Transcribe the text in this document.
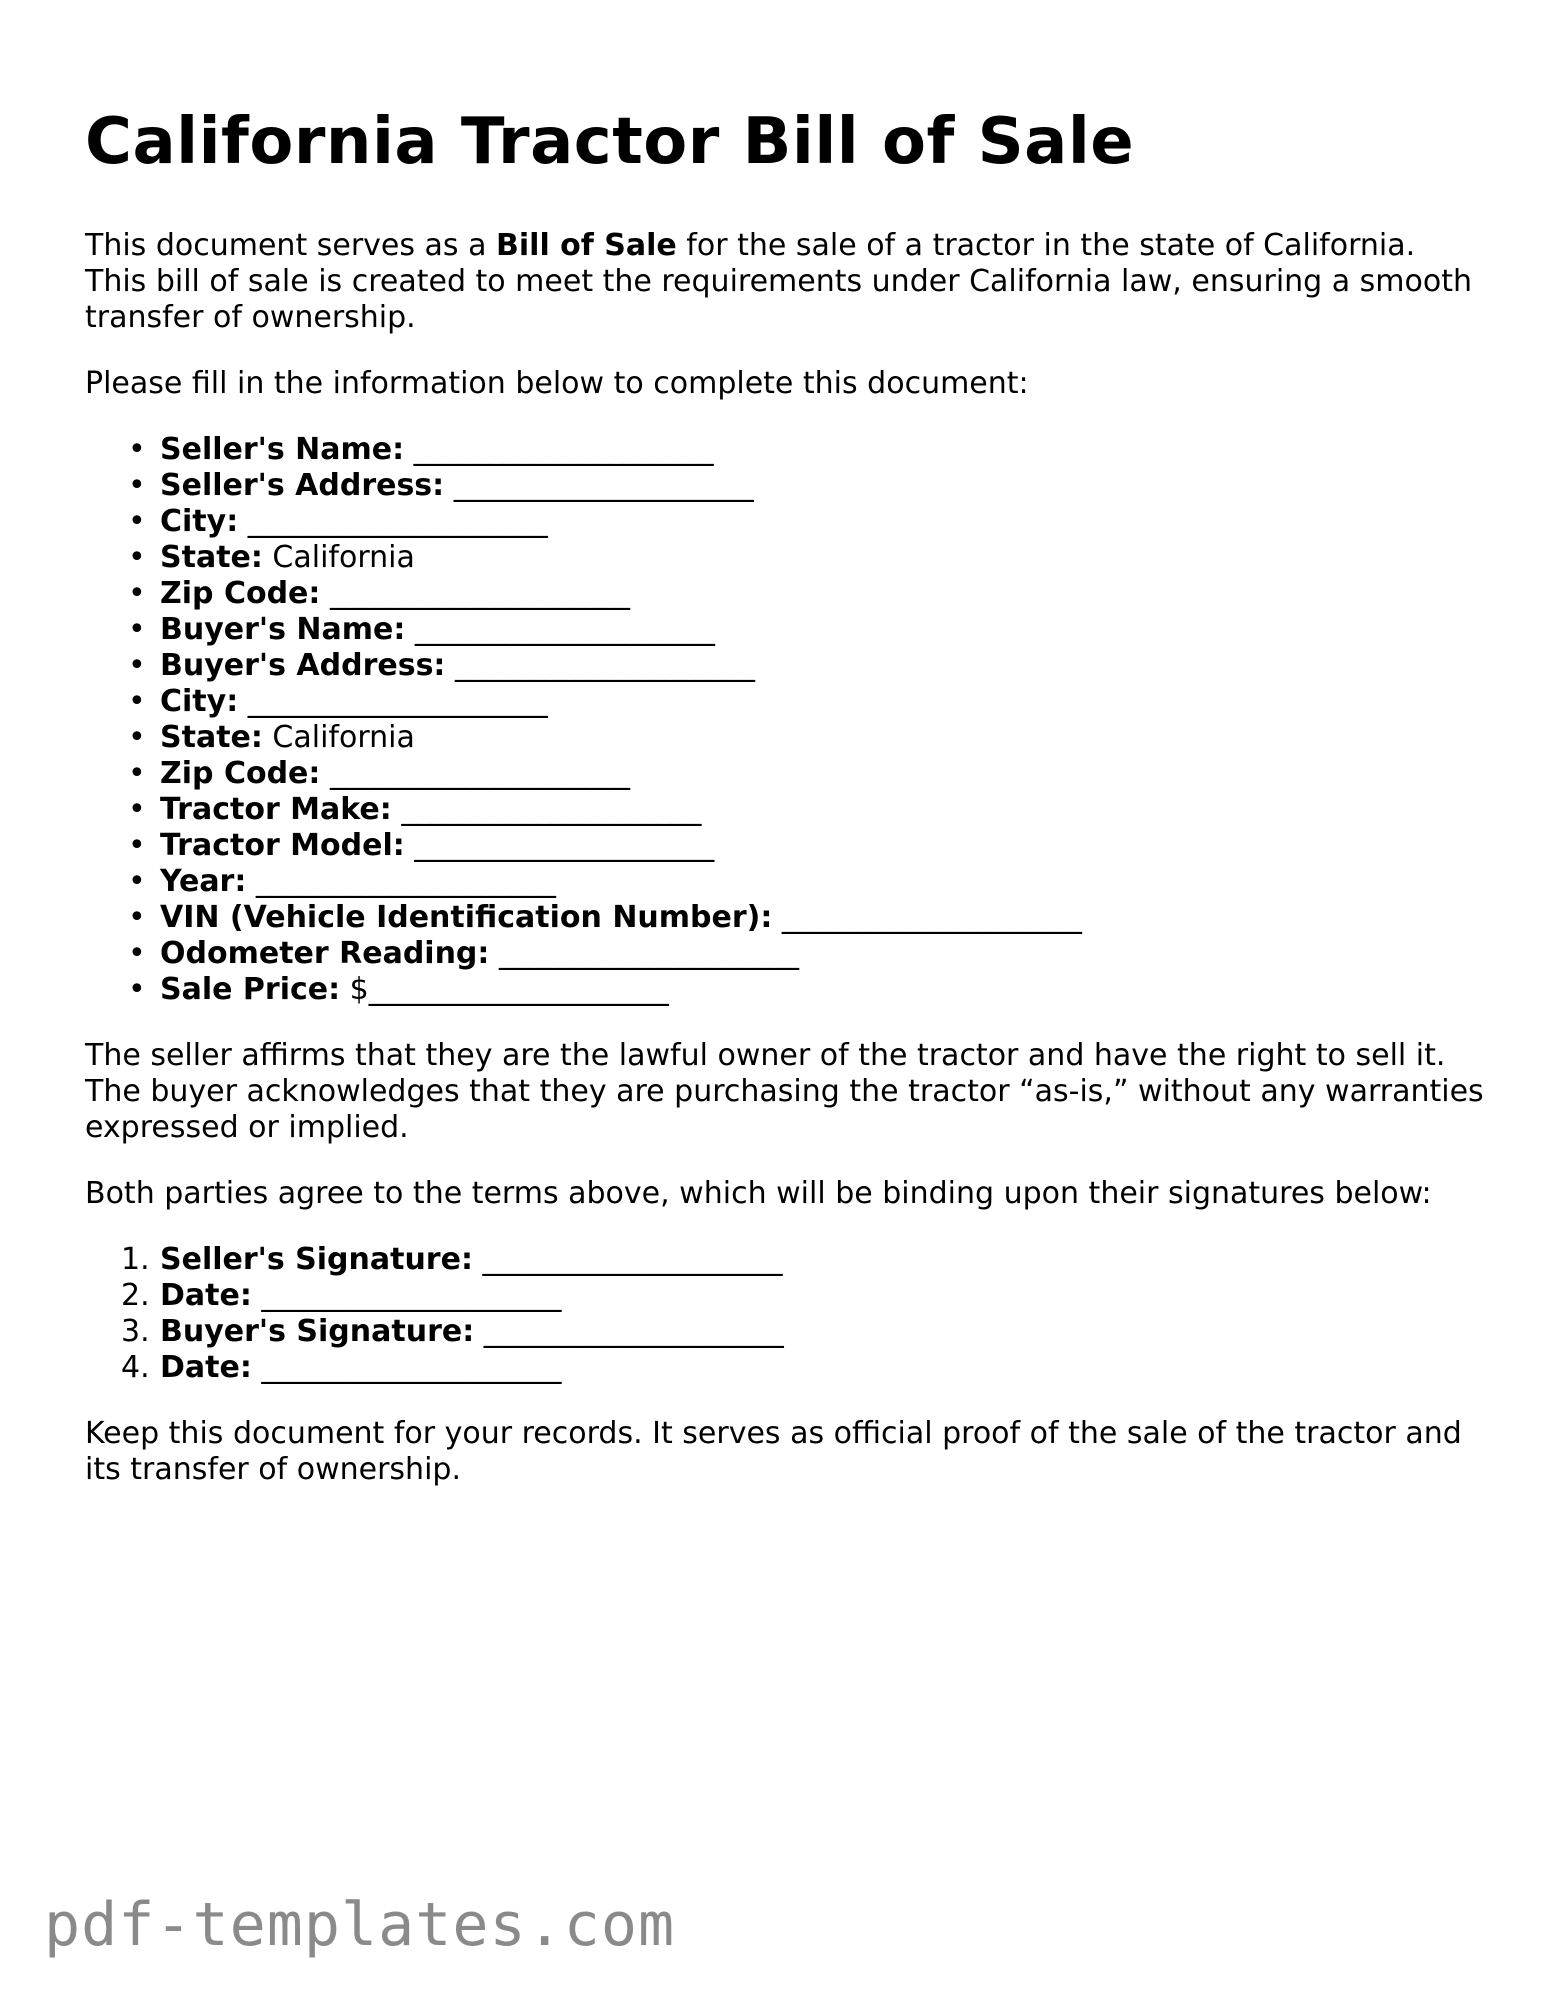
California Tractor Bill of Sale

This document serves as a Bill of Sale for the sale of a tractor in the state of California. This bill of sale is created to meet the requirements under California law, ensuring a smooth transfer of ownership.

Please fill in the information below to complete this document:

• Seller's Name: ____________________
• Seller's Address: ____________________
• City: ____________________
• State: California
• Zip Code: ____________________
• Buyer's Name: ____________________
• Buyer's Address: ____________________
• City: ____________________
• State: California
• Zip Code: ____________________
• Tractor Make: ____________________
• Tractor Model: ____________________
• Year: ____________________
• VIN (Vehicle Identification Number): ____________________
• Odometer Reading: ____________________
• Sale Price: $____________________

The seller affirms that they are the lawful owner of the tractor and have the right to sell it. The buyer acknowledges that they are purchasing the tractor “as-is,” without any warranties expressed or implied.

Both parties agree to the terms above, which will be binding upon their signatures below:

1. Seller's Signature: ____________________
2. Date: ____________________
3. Buyer's Signature: ____________________
4. Date: ____________________

Keep this document for your records. It serves as official proof of the sale of the tractor and its transfer of ownership.

pdf-templates.com
